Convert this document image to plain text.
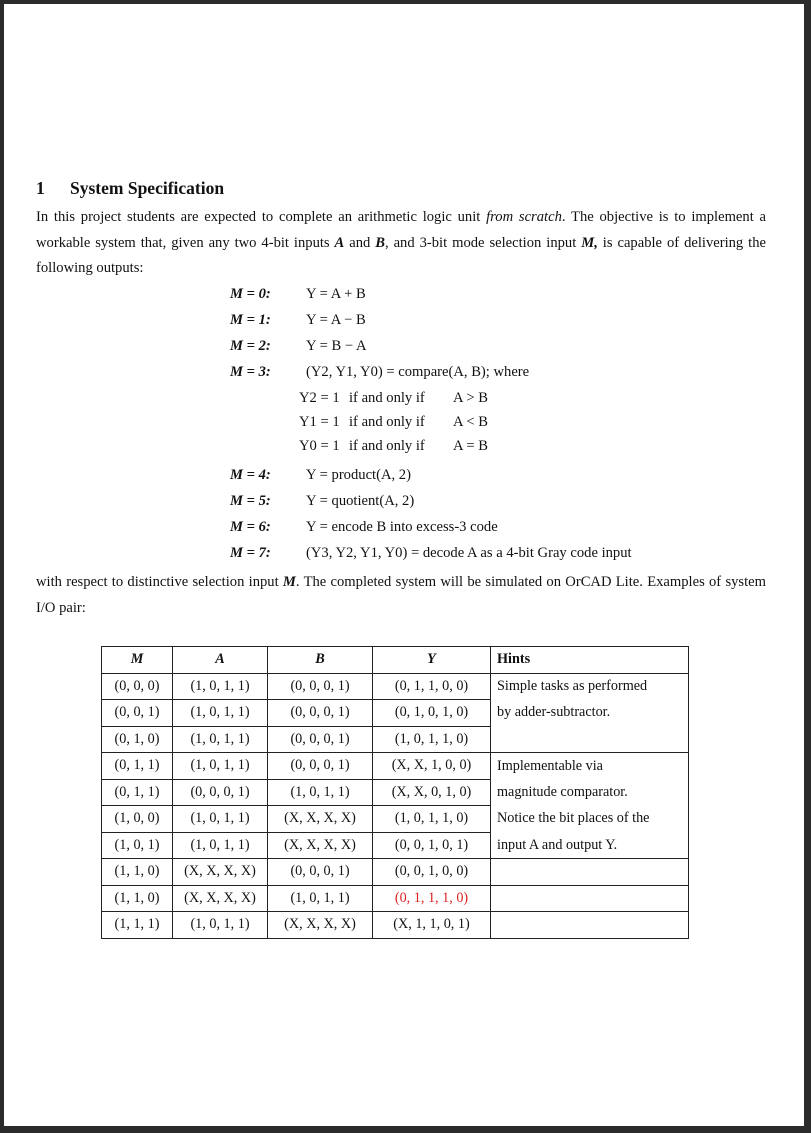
1 System Specification

In this project students are expected to complete an arithmetic logic unit from scratch. The objective is to implement a workable system that, given any two 4-bit inputs A and B, and 3-bit mode selection input M, is capable of delivering the following outputs:

M = 0: Y = A + B
M = 1: Y = A − B
M = 2: Y = B − A
M = 3: (Y2, Y1, Y0) = compare(A, B); where
Y2 = 1 if and only if A > B
Y1 = 1 if and only if A < B
Y0 = 1 if and only if A = B
M = 4: Y = product(A, 2)
M = 5: Y = quotient(A, 2)
M = 6: Y = encode B into excess-3 code
M = 7: (Y3, Y2, Y1, Y0) = decode A as a 4-bit Gray code input

with respect to distinctive selection input M. The completed system will be simulated on OrCAD Lite. Examples of system I/O pair:

M	A	B	Y	Hints
(0, 0, 0)	(1, 0, 1, 1)	(0, 0, 0, 1)	(0, 1, 1, 0, 0)	Simple tasks as performed
(0, 0, 1)	(1, 0, 1, 1)	(0, 0, 0, 1)	(0, 1, 0, 1, 0)	by adder-subtractor.
(0, 1, 0)	(1, 0, 1, 1)	(0, 0, 0, 1)	(1, 0, 1, 1, 0)	
(0, 1, 1)	(1, 0, 1, 1)	(0, 0, 0, 1)	(X, X, 1, 0, 0)	Implementable via
(0, 1, 1)	(0, 0, 0, 1)	(1, 0, 1, 1)	(X, X, 0, 1, 0)	magnitude comparator.
(1, 0, 0)	(1, 0, 1, 1)	(X, X, X, X)	(1, 0, 1, 1, 0)	Notice the bit places of the
(1, 0, 1)	(1, 0, 1, 1)	(X, X, X, X)	(0, 0, 1, 0, 1)	input A and output Y.
(1, 1, 0)	(X, X, X, X)	(0, 0, 0, 1)	(0, 0, 1, 0, 0)	
(1, 1, 0)	(X, X, X, X)	(1, 0, 1, 1)	(0, 1, 1, 1, 0)	
(1, 1, 1)	(1, 0, 1, 1)	(X, X, X, X)	(X, 1, 1, 0, 1)	
